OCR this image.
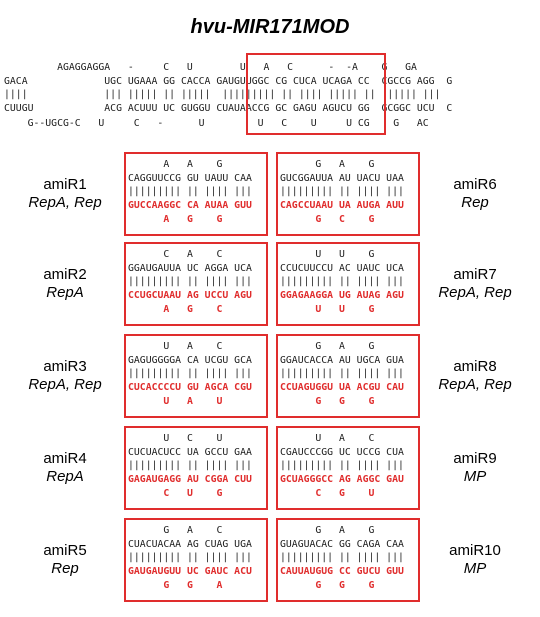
hvu-MIR171MOD
AGAGGAGGA   -     C   U        U   A   C      -  -A    G   GA
GACA             UGC UGAAA GG CACCA GAUGUUGGC CG CUCA UCAGA CC  CGCCG AGG  G
||||             ||| ||||| || |||||  ||||||||| || |||| ||||| ||  ||||| |||
CUUGU            ACG ACUUU UC GUGGU CUAUAACCG GC GAGU AGUCU GG  GCGGC UCU  C
G--UGCG-C   U     C   -      U         U   C    U     U CG    G   AC
A   A    G
CAGGUUCCG GU UAUU CAA
||||||||| || |||| |||
GUCCAAGGC CA AUAA GUU
A   G    G
amiR1
RepA, Rep
C   A    C
GGAUGAUUA UC AGGA UCA
||||||||| || |||| |||
CCUGCUAAU AG UCCU AGU
A   G    C
amiR2
RepA
U   A    C
GAGUGGGGA CA UCGU GCA
||||||||| || |||| |||
CUCACCCCU GU AGCA CGU
U   A    U
amiR3
RepA, Rep
U   C    U
CUCUACUCC UA GCCU GAA
||||||||| || |||| |||
GAGAUGAGG AU CGGA CUU
C   U    G
amiR4
RepA
G   A    C
CUACUACAA AG CUAG UGA
||||||||| || |||| |||
GAUGAUGUU UC GAUC ACU
G   G    A
amiR5
Rep
G   A    G
GUCGGAUUA AU UACU UAA
||||||||| || |||| |||
CAGCCUAAU UA AUGA AUU
G   C    G
amiR6
Rep
U   U    G
CCUCUUCCU AC UAUC UCA
||||||||| || |||| |||
GGAGAAGGA UG AUAG AGU
U   U    G
amiR7
RepA, Rep
G   A    G
GGAUCACCA AU UGCA GUA
||||||||| || |||| |||
CCUAGUGGU UA ACGU CAU
G   G    G
amiR8
RepA, Rep
U   A    C
CGAUCCCGG UC UCCG CUA
||||||||| || |||| |||
GCUAGGGCC AG AGGC GAU
C   G    U
amiR9
MP
G   A    G
GUAGUACAC GG CAGA CAA
||||||||| || |||| |||
CAUUAUGUG CC GUCU GUU
G   G    G
amiR10
MP
